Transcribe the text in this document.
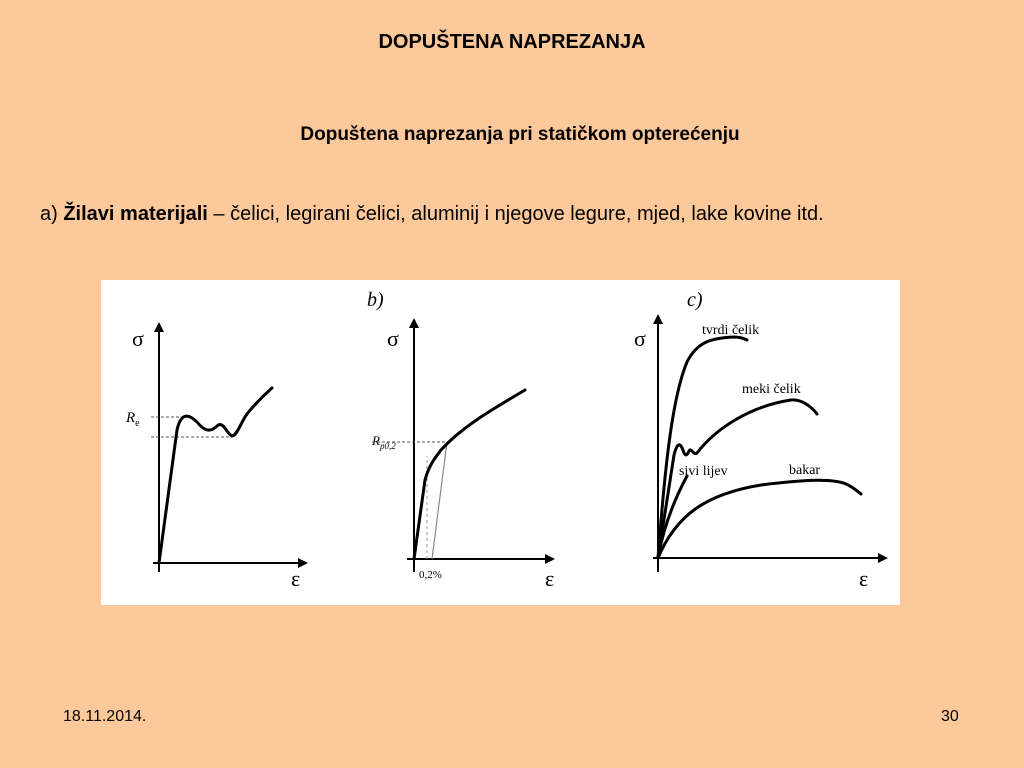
DOPUŠTENA NAPREZANJA
Dopuštena naprezanja pri statičkom opterećenju

a) Žilavi materijali – čelici, legirani čelici, aluminij i njegove legure, mjed, lake kovine itd.

σ
ε
$R_e$
b)
σ
ε
$R_{p0,2}$
0,2%
c)
σ
ε
tvrdi čelik
meki čelik
sivi lijev	bakar
18.11.2014.	30
